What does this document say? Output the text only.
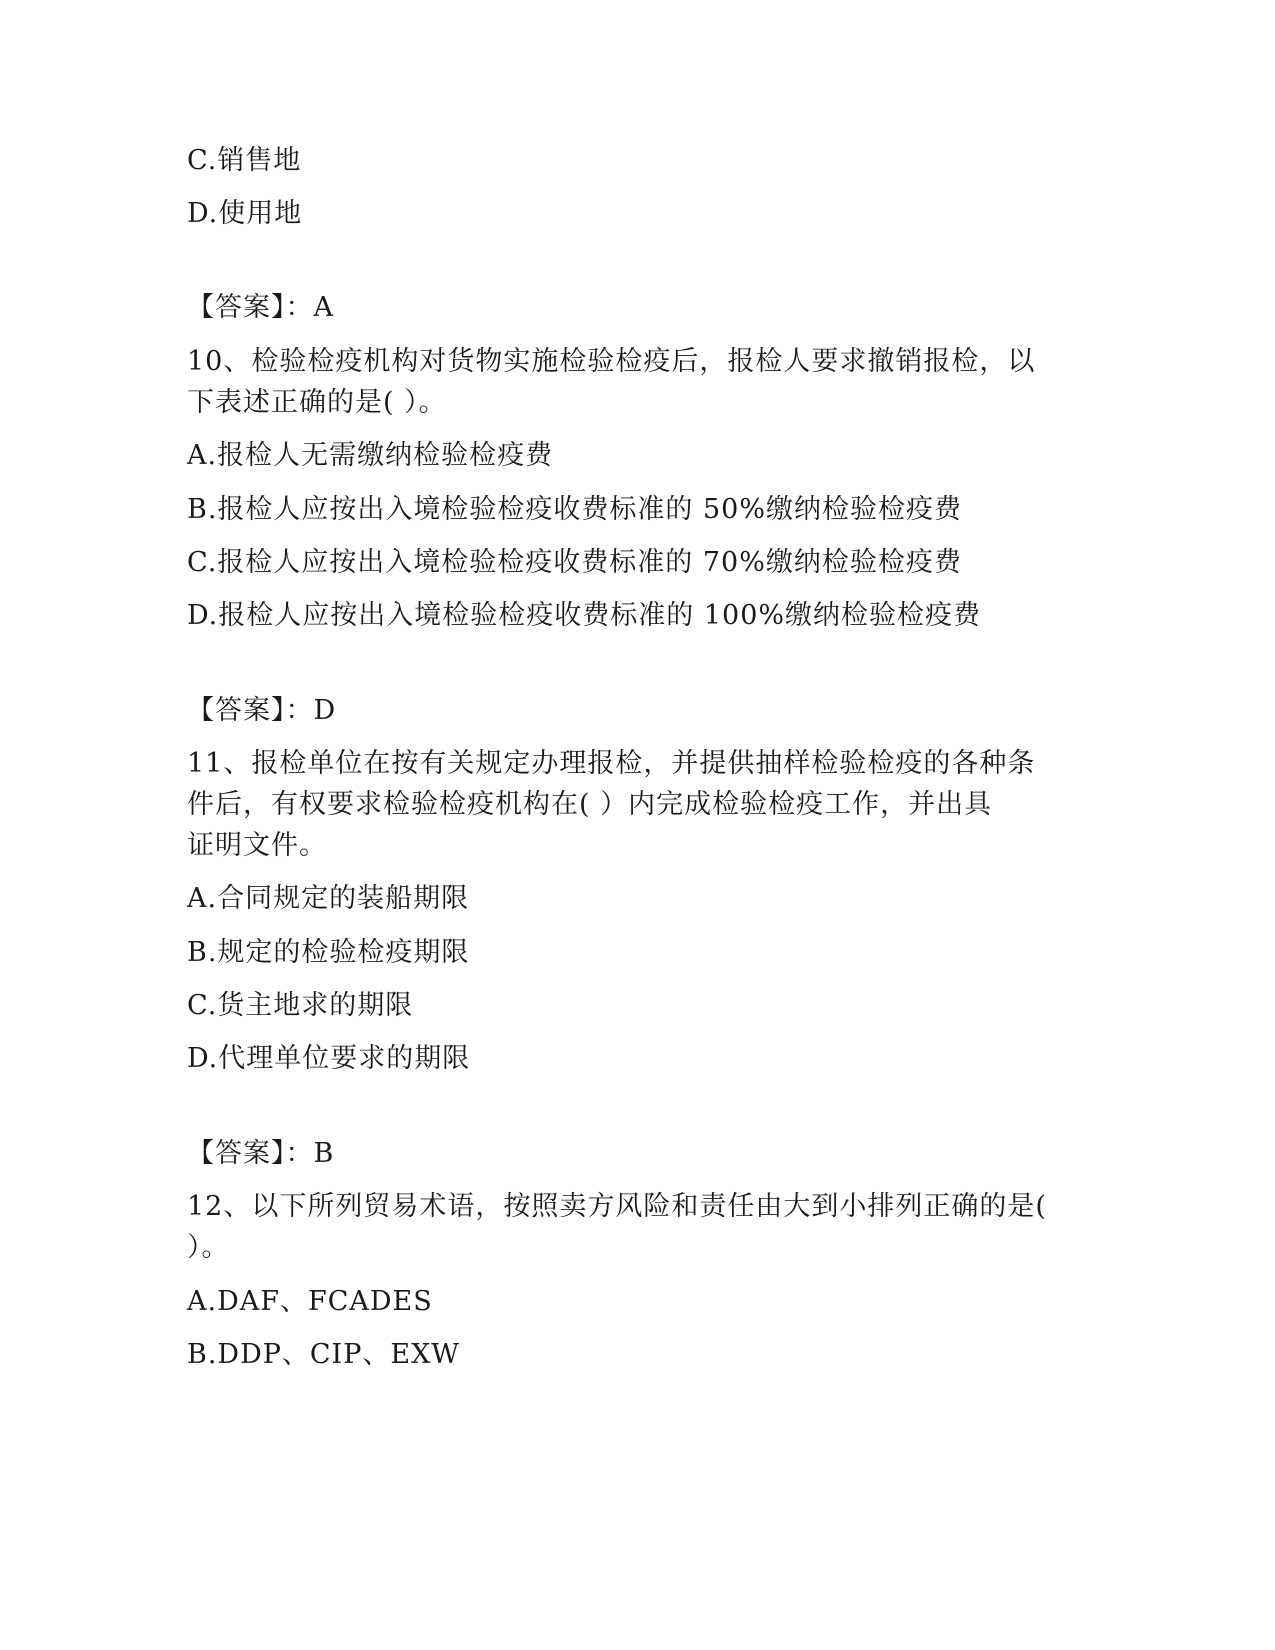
C.销售地
D.使用地
【答案】：A
10、检验检疫机构对货物实施检验检疫后，报检人要求撤销报检，以
下表述正确的是( ）。
A.报检人无需缴纳检验检疫费
B.报检人应按出入境检验检疫收费标准的 50%缴纳检验检疫费
C.报检人应按出入境检验检疫收费标准的 70%缴纳检验检疫费
D.报检人应按出入境检验检疫收费标准的 100%缴纳检验检疫费
【答案】：D
11、报检单位在按有关规定办理报检，并提供抽样检验检疫的各种条
件后，有权要求检验检疫机构在( ）内完成检验检疫工作，并出具
证明文件。
A.合同规定的装船期限
B.规定的检验检疫期限
C.货主地求的期限
D.代理单位要求的期限
【答案】：B
12、以下所列贸易术语，按照卖方风险和责任由大到小排列正确的是(
）。
A.DAF、FCADES
B.DDP、CIP、EXW
